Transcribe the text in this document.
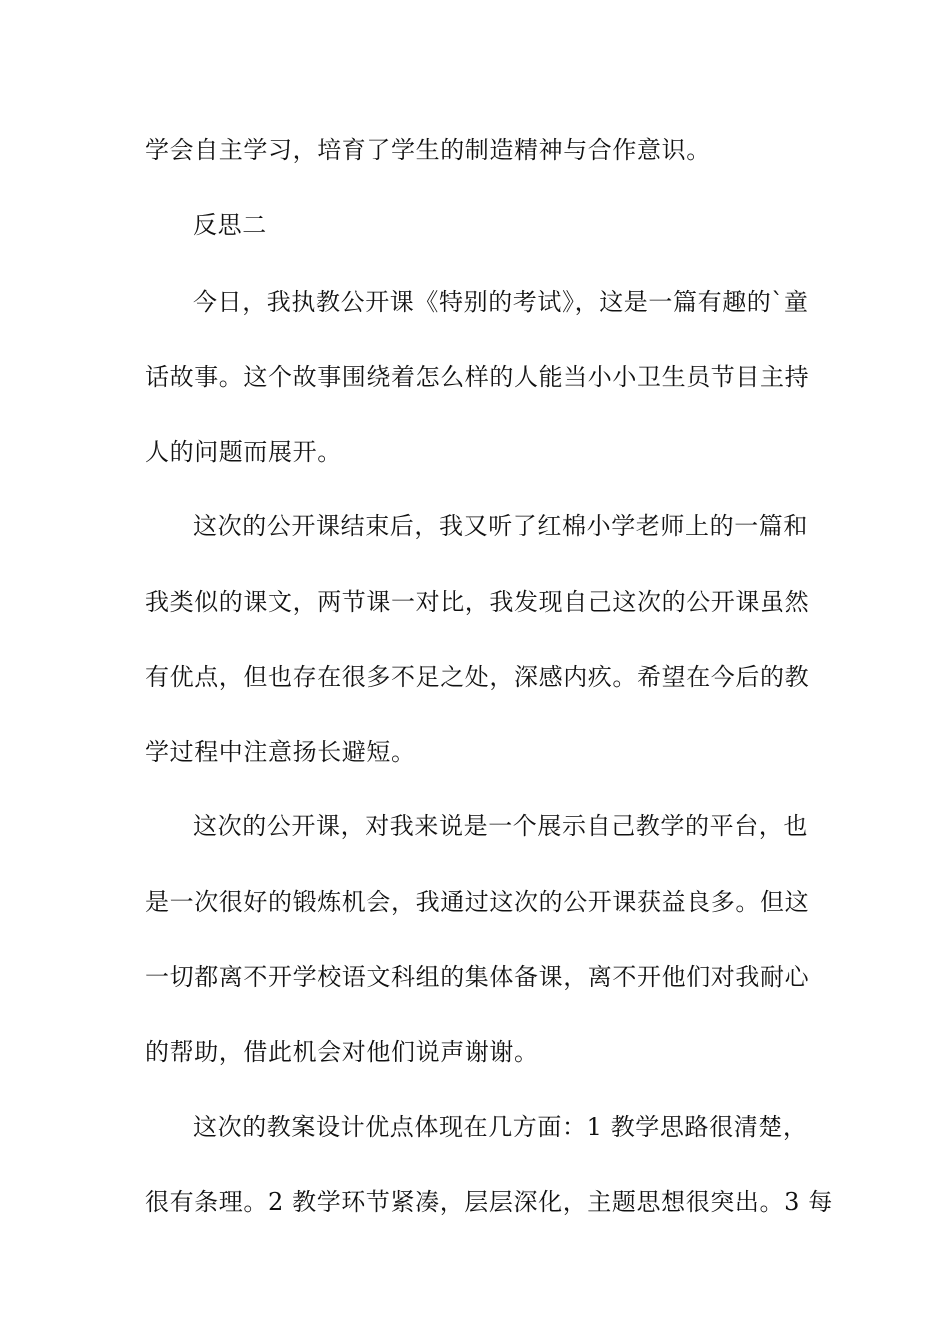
学会自主学习，培育了学生的制造精神与合作意识。
反思二
今日，我执教公开课《特别的考试》，这是一篇有趣的`童
话故事。这个故事围绕着怎么样的人能当小小卫生员节目主持
人的问题而展开。
这次的公开课结束后，我又听了红棉小学老师上的一篇和
我类似的课文，两节课一对比，我发现自己这次的公开课虽然
有优点，但也存在很多不足之处，深感内疚。希望在今后的教
学过程中注意扬长避短。
这次的公开课，对我来说是一个展示自己教学的平台，也
是一次很好的锻炼机会，我通过这次的公开课获益良多。但这
一切都离不开学校语文科组的集体备课，离不开他们对我耐心
的帮助，借此机会对他们说声谢谢。
这次的教案设计优点体现在几方面：1 教学思路很清楚，
很有条理。2 教学环节紧凑，层层深化，主题思想很突出。3 每
